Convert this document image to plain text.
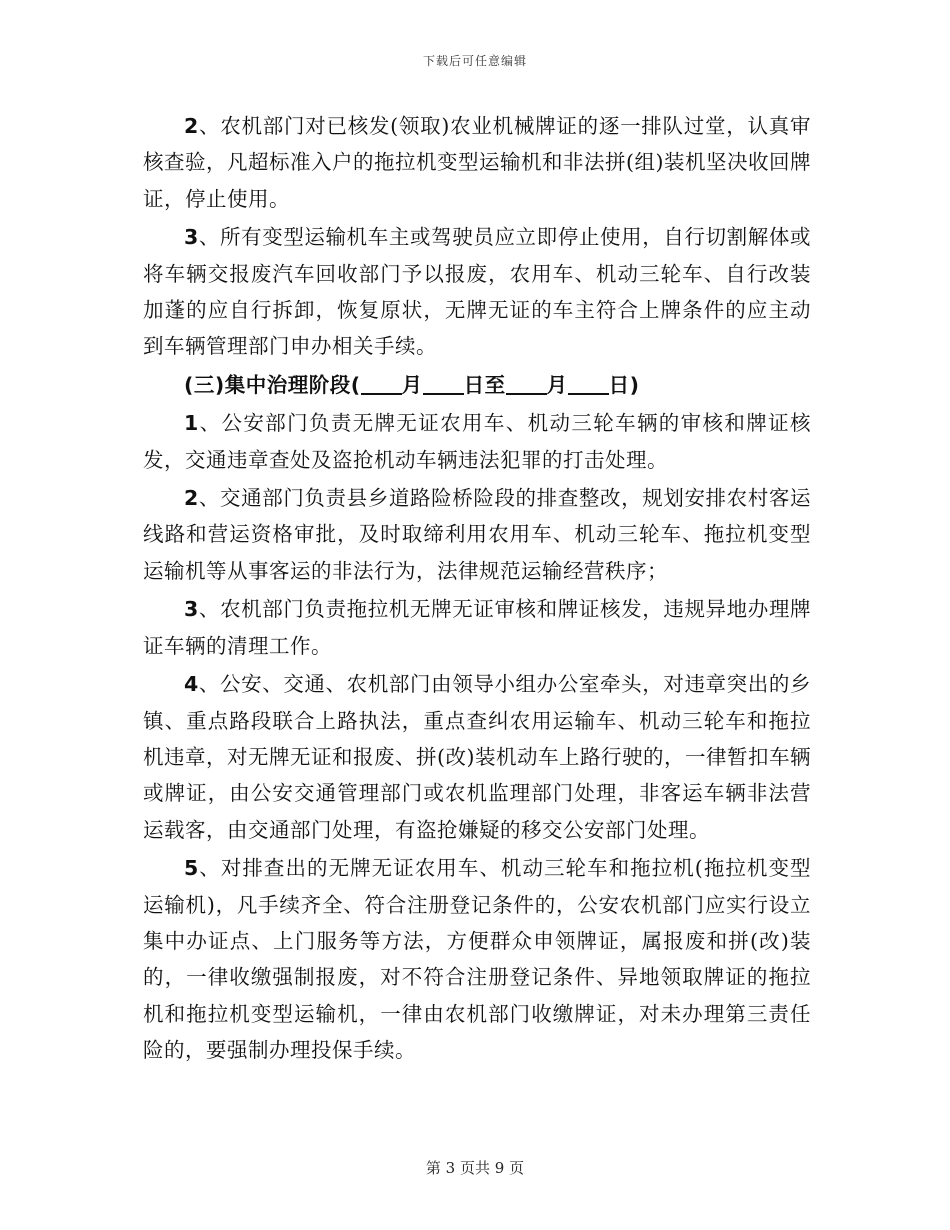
下载后可任意编辑

2、农机部门对已核发(领取)农业机械牌证的逐一排队过堂，认真审核查验，凡超标准入户的拖拉机变型运输机和非法拼(组)装机坚决收回牌证，停止使用。

3、所有变型运输机车主或驾驶员应立即停止使用，自行切割解体或将车辆交报废汽车回收部门予以报废，农用车、机动三轮车、自行改装加蓬的应自行拆卸，恢复原状，无牌无证的车主符合上牌条件的应主动到车辆管理部门申办相关手续。

(三)集中治理阶段( 月 日至 月 日)

1、公安部门负责无牌无证农用车、机动三轮车辆的审核和牌证核发，交通违章查处及盗抢机动车辆违法犯罪的打击处理。

2、交通部门负责县乡道路险桥险段的排查整改，规划安排农村客运线路和营运资格审批，及时取缔利用农用车、机动三轮车、拖拉机变型运输机等从事客运的非法行为，法律规范运输经营秩序；

3、农机部门负责拖拉机无牌无证审核和牌证核发，违规异地办理牌证车辆的清理工作。

4、公安、交通、农机部门由领导小组办公室牵头，对违章突出的乡镇、重点路段联合上路执法，重点查纠农用运输车、机动三轮车和拖拉机违章，对无牌无证和报废、拼(改)装机动车上路行驶的，一律暂扣车辆或牌证，由公安交通管理部门或农机监理部门处理，非客运车辆非法营运载客，由交通部门处理，有盗抢嫌疑的移交公安部门处理。

5、对排查出的无牌无证农用车、机动三轮车和拖拉机(拖拉机变型运输机)，凡手续齐全、符合注册登记条件的，公安农机部门应实行设立集中办证点、上门服务等方法，方便群众申领牌证，属报废和拼(改)装的，一律收缴强制报废，对不符合注册登记条件、异地领取牌证的拖拉机和拖拉机变型运输机，一律由农机部门收缴牌证，对未办理第三责任险的，要强制办理投保手续。

第 3 页共 9 页
